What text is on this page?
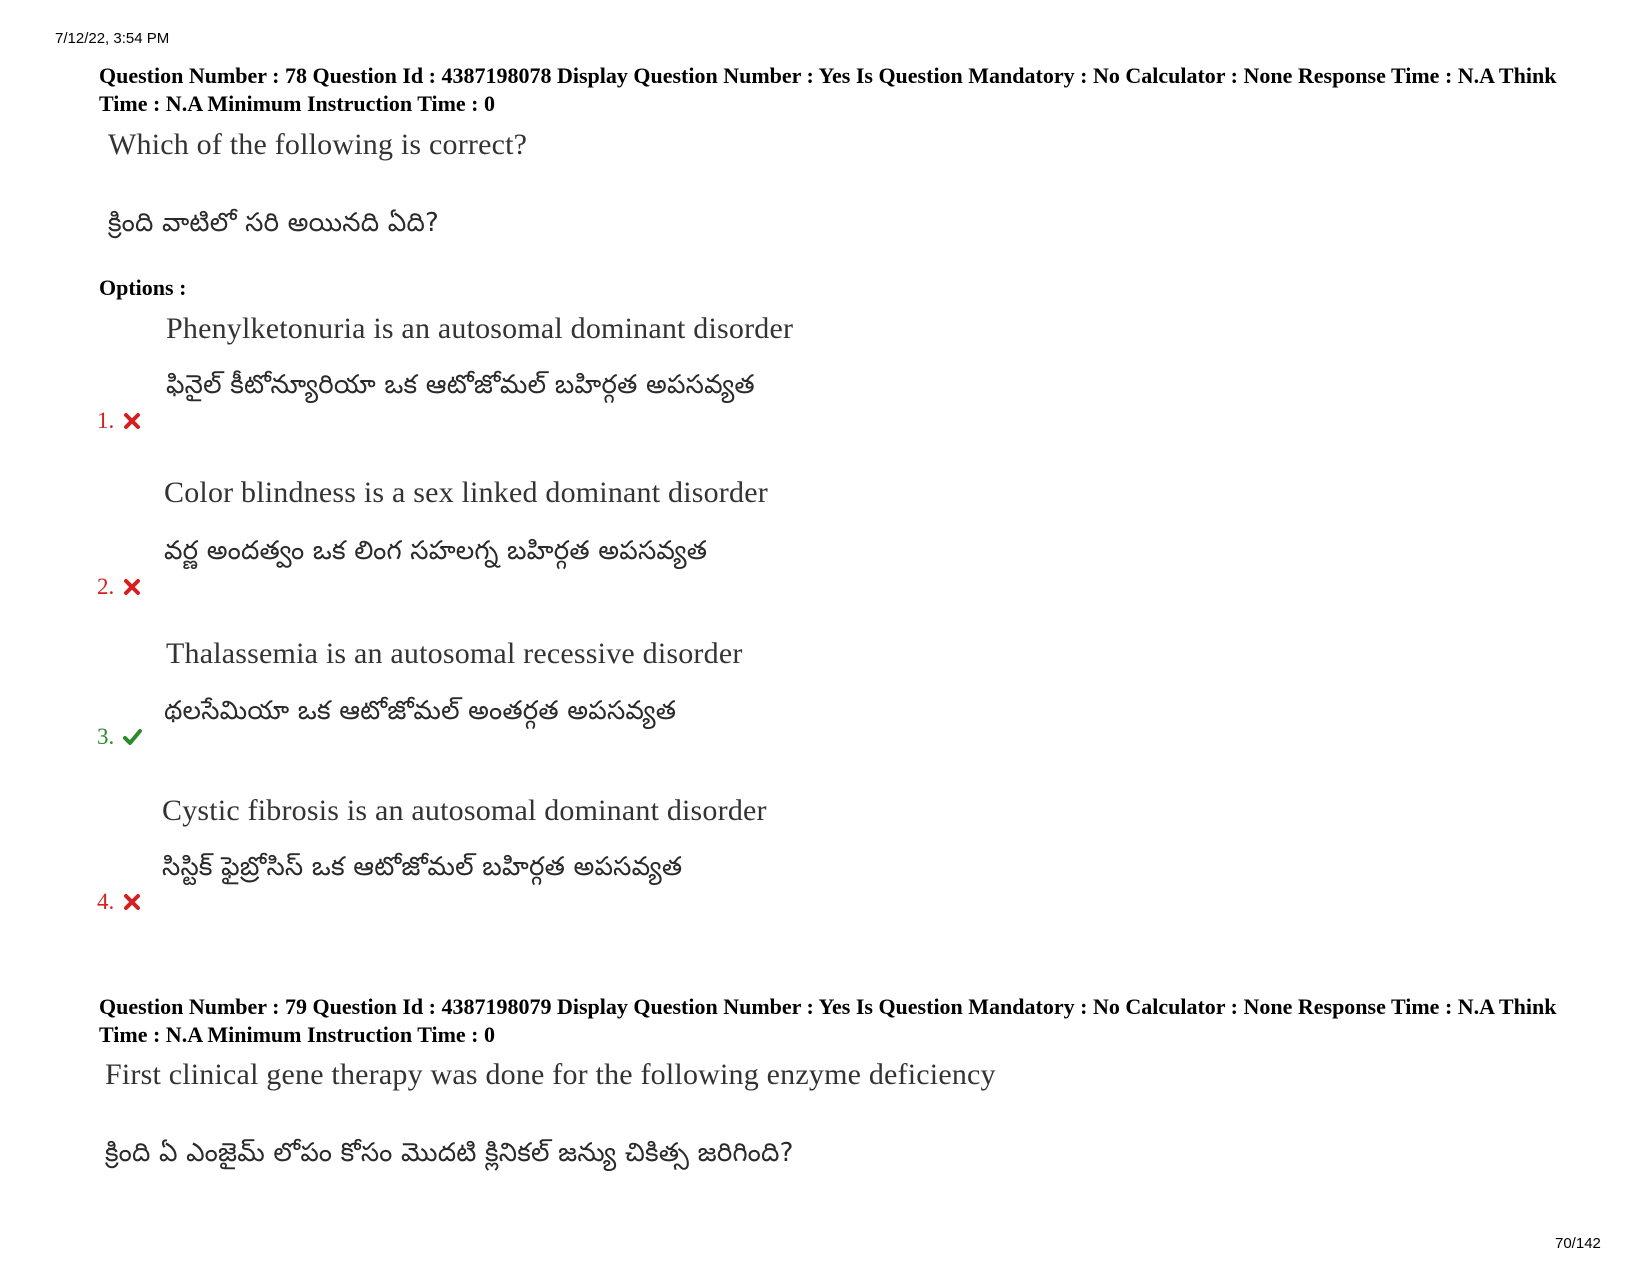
7/12/22, 3:54 PM
Question Number : 78 Question Id : 4387198078 Display Question Number : Yes Is Question Mandatory : No Calculator : None Response Time : N.A Think Time : N.A Minimum Instruction Time : 0
Which of the following is correct?
క్రింది వాటిలో సరి అయినది ఏది?
Options :
Phenylketonuria is an autosomal dominant disorder
ఫినైల్ కీటోన్యూరియా ఒక ఆటోజోమల్ బహిర్గత అపసవ్యత
1.
Color blindness is a sex linked dominant disorder
వర్ణ అందత్వం ఒక లింగ సహలగ్న బహిర్గత అపసవ్యత
2.
Thalassemia is an autosomal recessive disorder
థలసేమియా ఒక ఆటోజోమల్ అంతర్గత అపసవ్యత
3.
Cystic fibrosis is an autosomal dominant disorder
సిస్టిక్ ఫైబ్రోసిస్ ఒక ఆటోజోమల్ బహిర్గత అపసవ్యత
4.
Question Number : 79 Question Id : 4387198079 Display Question Number : Yes Is Question Mandatory : No Calculator : None Response Time : N.A Think Time : N.A Minimum Instruction Time : 0
First clinical gene therapy was done for the following enzyme deficiency
క్రింది ఏ ఎంజైమ్ లోపం కోసం మొదటి క్లినికల్ జన్యు చికిత్స జరిగింది?
70/142
